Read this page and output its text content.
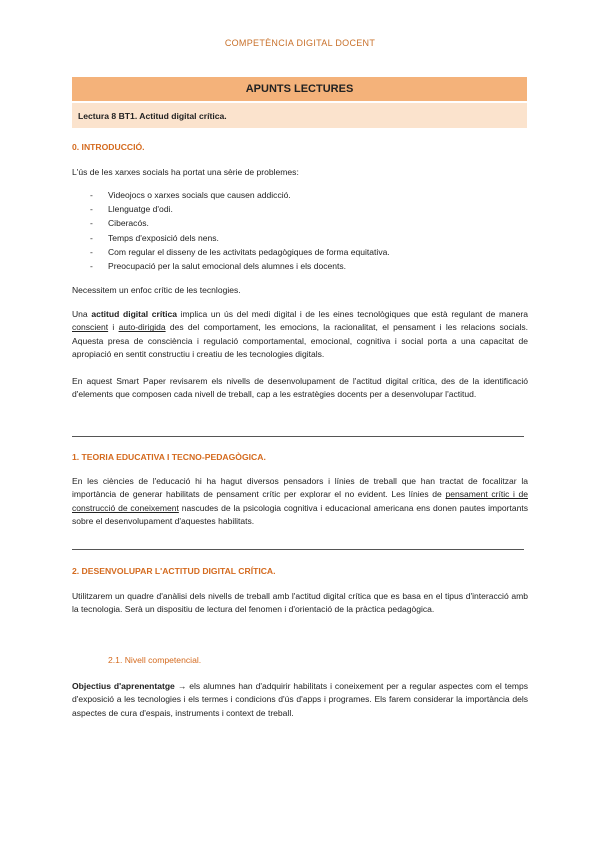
COMPETÈNCIA DIGITAL DOCENT
APUNTS LECTURES
Lectura 8 BT1. Actitud digital crítica.
0. INTRODUCCIÓ.
L'ús de les xarxes socials ha portat una sèrie de problemes:
- Videojocs o xarxes socials que causen addicció.
- Llenguatge d'odi.
- Ciberacós.
- Temps d'exposició dels nens.
- Com regular el disseny de les activitats pedagògiques de forma equitativa.
- Preocupació per la salut emocional dels alumnes i els docents.
Necessitem un enfoc crític de les tecnlogies.
Una actitud digital crítica implica un ús del medi digital i de les eines tecnològiques que està regulant de manera conscient i auto-dirigida des del comportament, les emocions, la racionalitat, el pensament i les relacions socials. Aquesta presa de consciència i regulació comportamental, emocional, cognitiva i social porta a una capacitat de apropiació en sentit constructiu i creatiu de les tecnologies digitals.
En aquest Smart Paper revisarem els nivells de desenvolupament de l'actitud digital crítica, des de la identificació d'elements que composen cada nivell de treball, cap a les estratègies docents per a desenvolupar l'actitud.
1. TEORIA EDUCATIVA I TECNO-PEDAGÒGICA.
En les ciències de l'educació hi ha hagut diversos pensadors i línies de treball que han tractat de focalitzar la importància de generar habilitats de pensament crític per explorar el no evident. Les línies de pensament crític i de construcció de coneixement nascudes de la psicologia cognitiva i educacional americana ens donen pautes importants sobre el desenvolupament d'aquestes habilitats.
2. DESENVOLUPAR L'ACTITUD DIGITAL CRÍTICA.
Utilitzarem un quadre d'anàlisi dels nivells de treball amb l'actitud digital crítica que es basa en el tipus d'interacció amb la tecnologia. Serà un dispositiu de lectura del fenomen i d'orientació de la pràctica pedagògica.
2.1. Nivell competencial.
Objectius d'aprenentatge → els alumnes han d'adquirir habilitats i coneixement per a regular aspectes com el temps d'exposició a les tecnologies i els termes i condicions d'ús d'apps i programes. Els farem considerar la importància dels aspectes de cura d'espais, instruments i context de treball.
